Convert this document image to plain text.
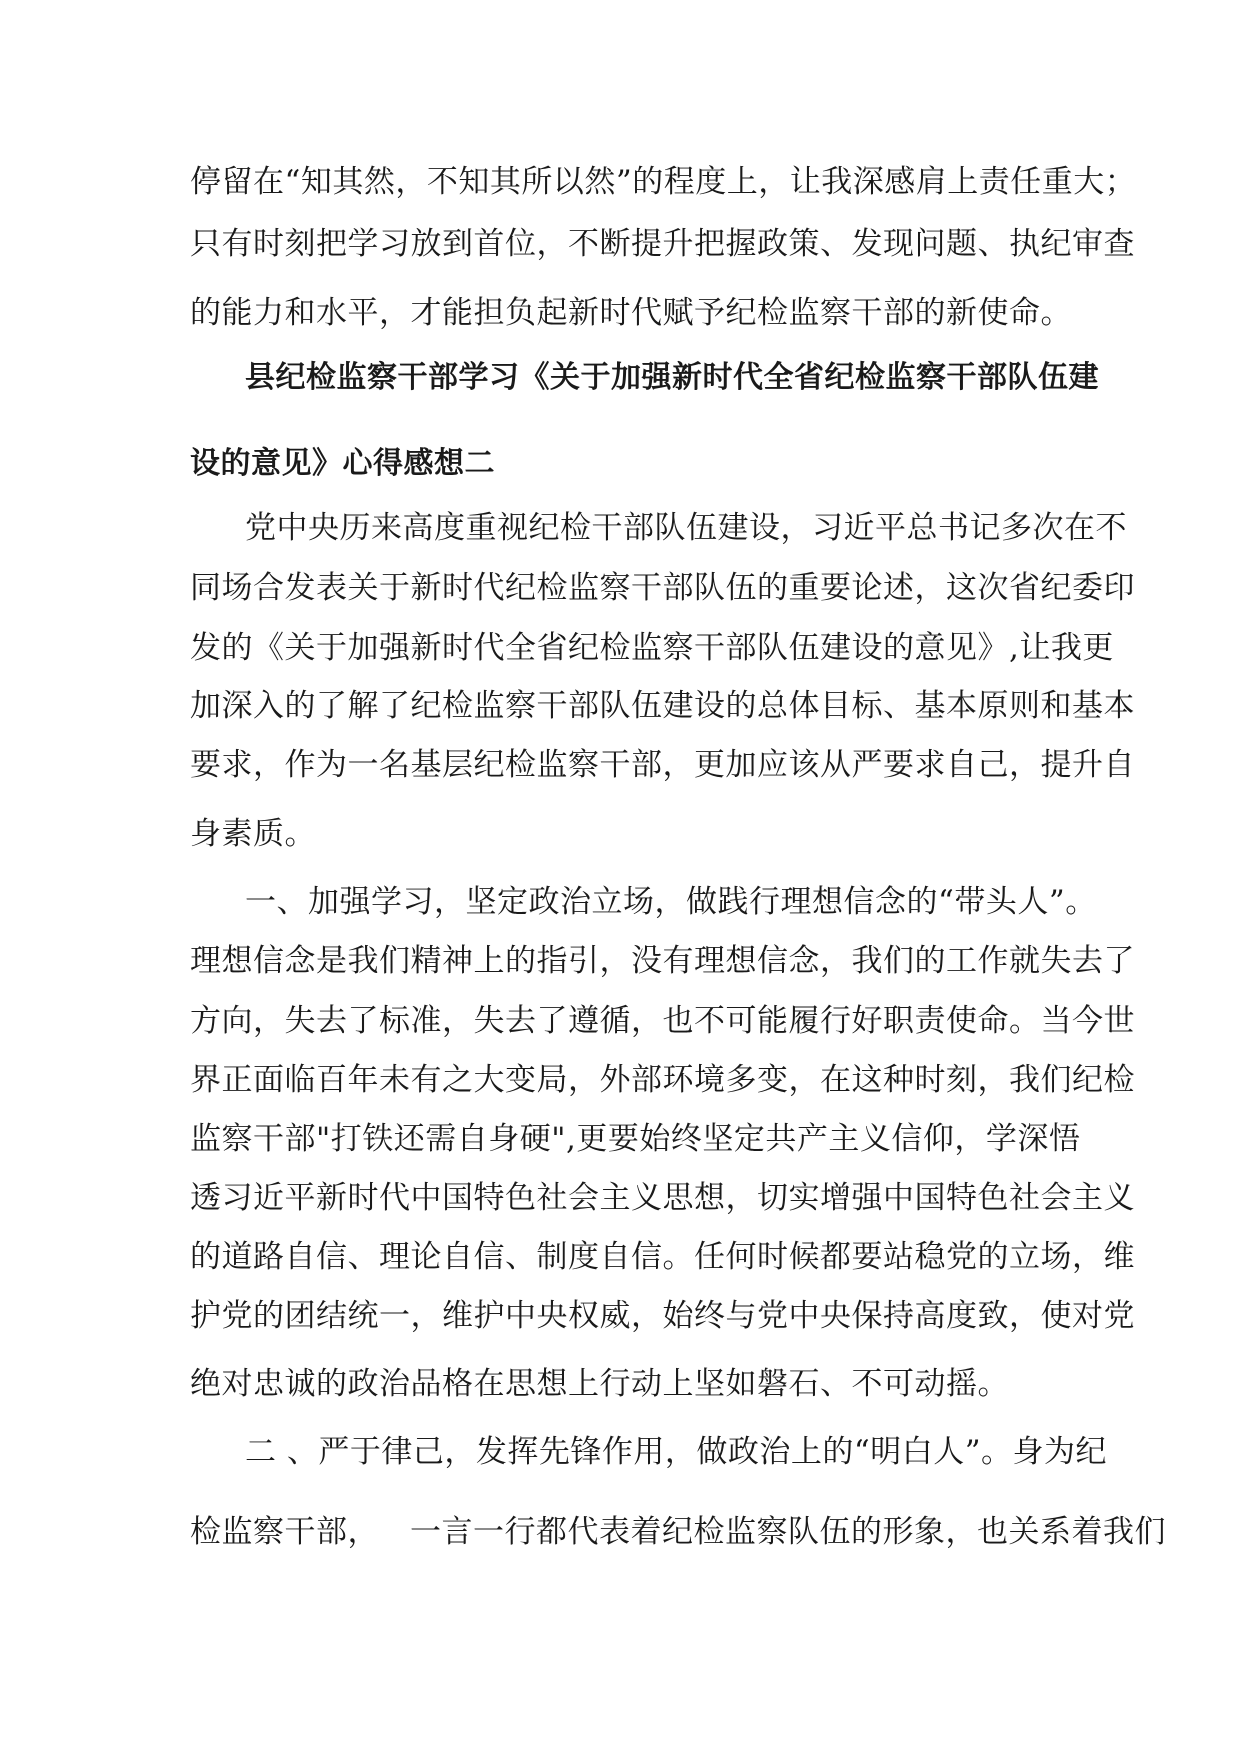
停留在“知其然，不知其所以然”的程度上，让我深感肩上责任重大；
只有时刻把学习放到首位，不断提升把握政策、发现问题、执纪审查
的能力和水平，才能担负起新时代赋予纪检监察干部的新使命。
县纪检监察干部学习《关于加强新时代全省纪检监察干部队伍建
设的意见》心得感想二
党中央历来高度重视纪检干部队伍建设，习近平总书记多次在不
同场合发表关于新时代纪检监察干部队伍的重要论述，这次省纪委印
发的《关于加强新时代全省纪检监察干部队伍建设的意见》,让我更
加深入的了解了纪检监察干部队伍建设的总体目标、基本原则和基本
要求，作为一名基层纪检监察干部，更加应该从严要求自己，提升自
身素质。
一、加强学习，坚定政治立场，做践行理想信念的“带头人”。
理想信念是我们精神上的指引，没有理想信念，我们的工作就失去了
方向，失去了标准，失去了遵循，也不可能履行好职责使命。当今世
界正面临百年未有之大变局，外部环境多变，在这种时刻，我们纪检
监察干部"打铁还需自身硬",更要始终坚定共产主义信仰，学深悟
透习近平新时代中国特色社会主义思想，切实增强中国特色社会主义
的道路自信、理论自信、制度自信。任何时候都要站稳党的立场，维
护党的团结统一，维护中央权威，始终与党中央保持高度致，使对党
绝对忠诚的政治品格在思想上行动上坚如磐石、不可动摇。
二 、严于律己，发挥先锋作用，做政治上的“明白人”。身为纪
检监察干部，   一言一行都代表着纪检监察队伍的形象，也关系着我们
